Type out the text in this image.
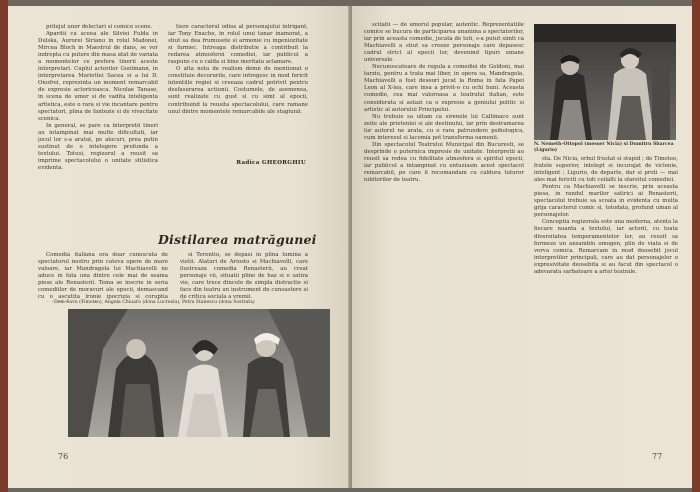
prilejul unor delectari si comice scene.

Aparitii ca aceea ale Silviei Fulda in Dulska, Aurorei Sirianu in rolul Madonei, Mircea Bloch in Maestrul de dans, se vor indrepta cu putere din masa atat de variata a momentelor ce prefera tinerii aceste interpretari. Cuplul actorilor Gootmann, in interpretarea Mariettei Sacea si a lui D. Onofrei, reprezinta un moment remarcabil de expresie actoriceasca. Nicolae Tanase, in scena de umor si de vadita inteligenta artistica, este o rara si vie incantare pentru spectatori, plina de fantezie si de vivacitate scenica.

In general, se pare ca interpretii tineri au intampinat mai multe dificultati, iar jocul lor s-a aratat, pe alocuri, prea putin sustinut de o intelegere profunda a textului. Totusi, regizorul a reusit sa imprime spectacolului o unitate stilistica evidenta.

tiere caracterul odios al personajului intrigant, iar Tony Enache, in rolul unui tanar inamorat, a stiut sa dea frumusete si armonie cu ingeniozitate si farmec. Intreaga distributie a contribuit la redarea atmosferei comediei, iar publicul a raspuns cu o calda si bine meritata aclamare.

O alta nota de realism demn de mentionat o constituie decorurile, care intregesc in mod fericit intentiile regiei si creeaza cadrul potrivit pentru desfasurarea actiunii. Costumele, de asemenea, sunt realizate cu gust si cu simt al epocii, contribuind la reusita spectacolului, care ramane unul dintre momentele remarcabile ale stagiunii.

Radica GHEORGHIU
Distilarea matrăgunei

Comedia italiana era doar cunoscuta de spectatorul nostru prin cateva opere de mare valoare, iar Mandragola lui Machiavelli ne aduce in fata una dintre cele mai de seama piese ale Renasterii. Tema se inscrie in seria comediilor de moravuri ale epocii, demascand cu o ascutita ironie ipocrizia si coruptia

si Terentiu, se depasi in plina lumina a vietii. Alaturi de Ariosto si Machiavelli, care ilustreaza comedia Renasterii, au creat personaje vii, situatii pline de haz si o satira vie, care trece dincolo de simpla distractie si face din teatru un instrument de cunoastere si de critica sociala a vremii.

Dem Savu (Timoteo), Angela Chiuaru (dona Lucrezia), Petra Stanescu (dona Sostrata)
76

scitatii — de umorul popular, autentic. Reprezentatiile comice se bucura de participarea unanima a spectatorilor, iar prin aceasta comedie, jucata de toti, s-a putut simti ca Machiavelli a stiut sa creeze personaje care depasesc cadrul strict al epocii lor, devenind tipuri umane universale.

Necunoscatoare de regula a comediei de Goldoni, mai tarziu, pentru a trata mai liber, in opera sa, Mandragola, Machiavelli a fost deseori jucat la Roma in fata Papei Leon al X-lea, care insa a privit-o cu ochi buni. Aceasta comedie, cea mai valoroasa a teatrului italian, este considerata si astazi ca o expresie a geniului politic si artistic al autorului Principelui.

Nu trebuie sa uitam ca sirenele lui Callimaco sunt zeite ale prieteniei si ale destinului, iar prin destramarea lor autorul ne arata, cu o rara patrundere psihologica, cum interesul si lacomia pot transforma oamenii.

Din spectacolul Teatrului Municipal din Bucuresti, se desprinde o puternica impresie de unitate. Interpretii au reusit sa redea cu fidelitate atmosfera si spiritul epocii, iar publicul a intampinat cu entuziasm acest spectacol remarcabil, pe care il recomandam cu caldura tuturor iubitorilor de teatru.

N. Nemeth-Ottopol (messer Nicia) si Dumitru Sbarcea (Ligurio)

sta. De Nicia, orbul frustat si stupid ; de Timoteo, fratele superior, intelept si incurajat de viclenie, inteligent ; Ligurio, de departe, dar si proti — mai ales mai fericiti cu toti ceilalti la sfarsitul comediei.

Pentru ca Machiavelli se inscrie, prin aceasta piesa, in randul marilor satirici ai Renasterii, spectacolul trebuie sa scoata in evidenta cu multa grija caracterul comic si, totodata, profund uman al personajelor.

Conceptia regizorala este una moderna, atenta la fiecare nuanta a textului, iar actorii, cu toata diversitatea temperamentelor lor, au reusit sa formeze un ansamblu omogen, plin de viata si de verva comica. Remarcam in mod deosebit jocul interpretilor principali, care au dat personajelor o expresivitate deosebita si au facut din spectacol o adevarata sarbatoare a artei teatrale.

77
